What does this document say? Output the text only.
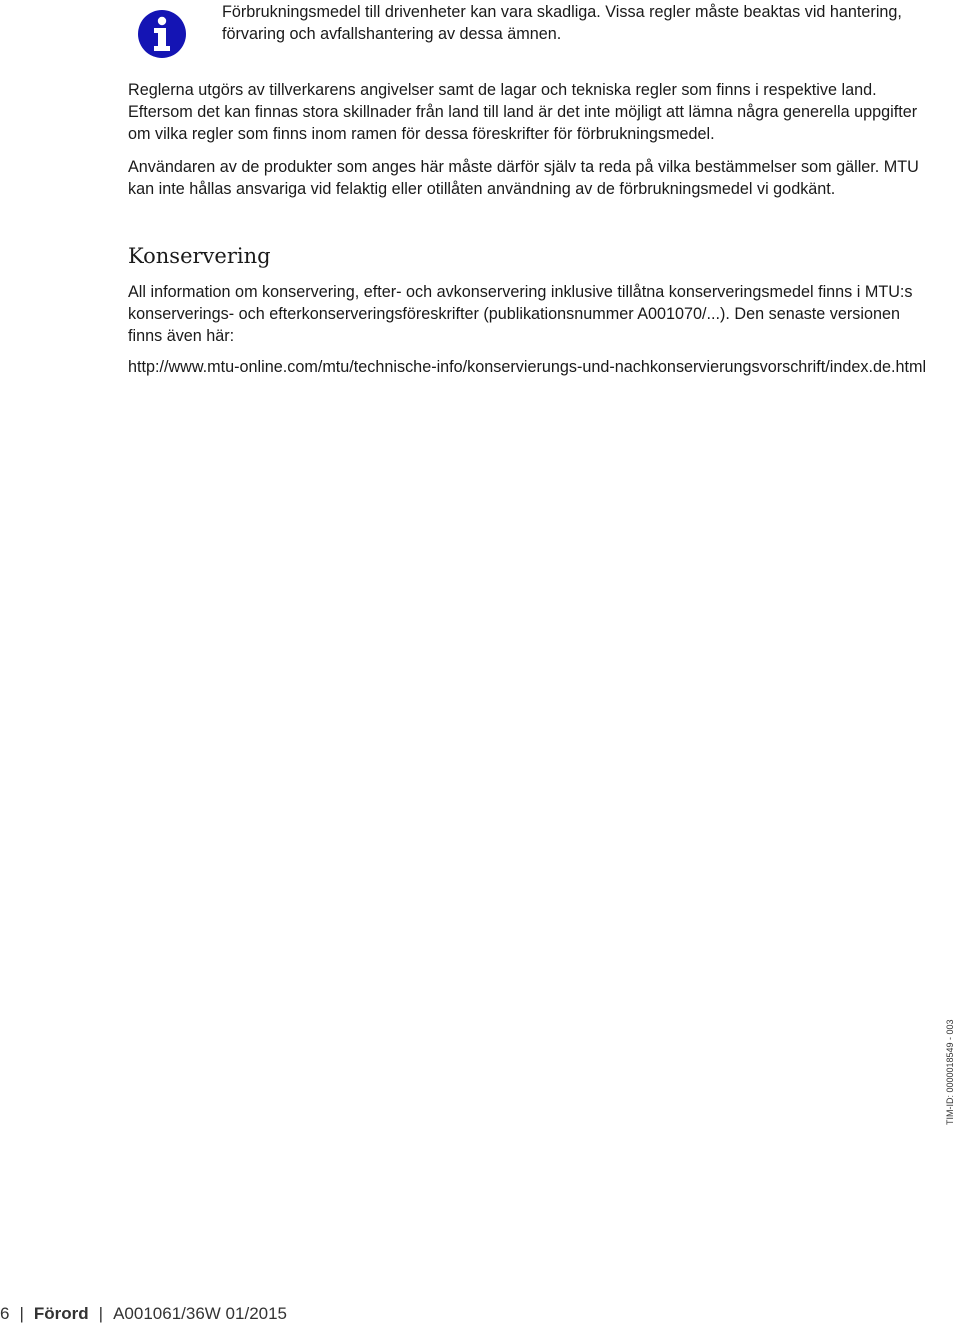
Förbrukningsmedel till drivenheter kan vara skadliga. Vissa regler måste beaktas vid hantering, förvaring och avfallshantering av dessa ämnen.

Reglerna utgörs av tillverkarens angivelser samt de lagar och tekniska regler som finns i respektive land. Eftersom det kan finnas stora skillnader från land till land är det inte möjligt att lämna några generella uppgifter om vilka regler som finns inom ramen för dessa föreskrifter för förbrukningsmedel.

Användaren av de produkter som anges här måste därför själv ta reda på vilka bestämmelser som gäller. MTU kan inte hållas ansvariga vid felaktig eller otillåten användning av de förbrukningsmedel vi godkänt.

Konservering

All information om konservering, efter- och avkonservering inklusive tillåtna konserveringsmedel finns i MTU:s konserverings- och efterkonserveringsföreskrifter (publikationsnummer A001070/...). Den senaste versionen finns även här:

http://www.mtu-online.com/mtu/technische-info/konservierungs-und-nachkonservierungsvorschrift/index.de.html

TIM-ID: 0000018549 - 003
6 | Förord | A001061/36W 01/2015
